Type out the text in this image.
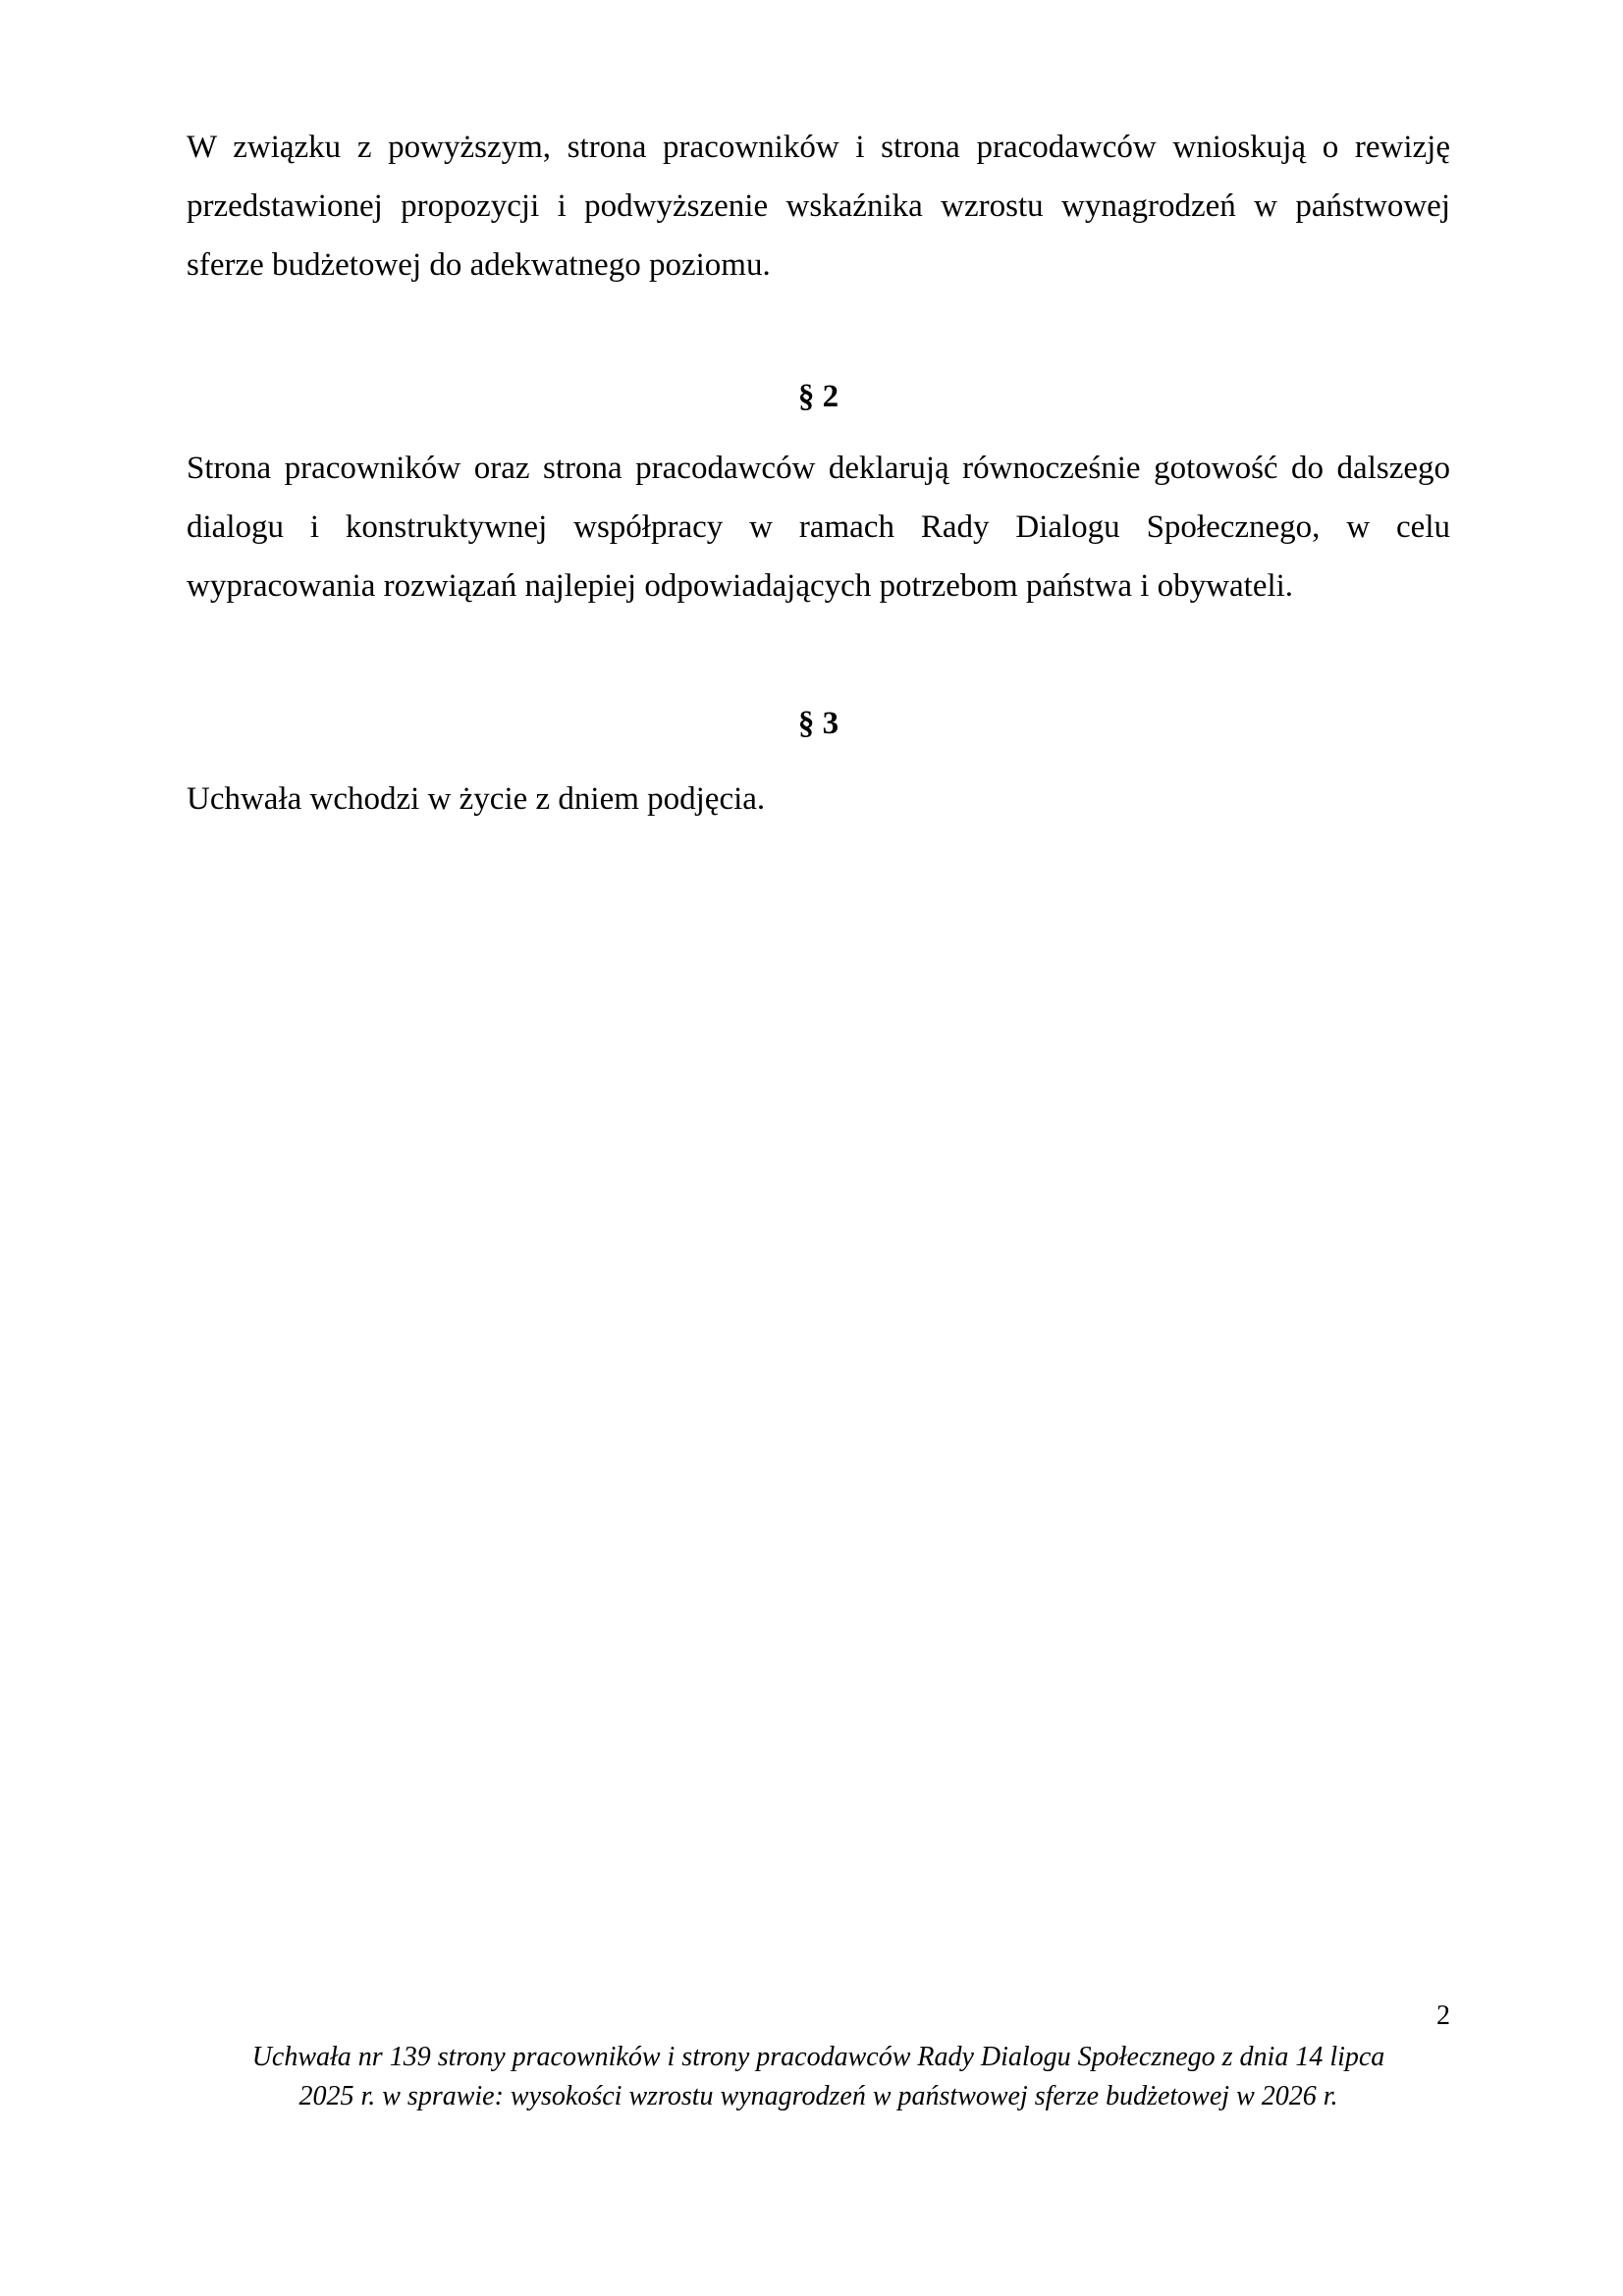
W związku z powyższym, strona pracowników i strona pracodawców wnioskują o rewizję
przedstawionej propozycji i podwyższenie wskaźnika wzrostu wynagrodzeń w państwowej
sferze budżetowej do adekwatnego poziomu.
§ 2
Strona pracowników oraz strona pracodawców deklarują równocześnie gotowość do dalszego
dialogu i konstruktywnej współpracy w ramach Rady Dialogu Społecznego, w celu
wypracowania rozwiązań najlepiej odpowiadających potrzebom państwa i obywateli.
§ 3
Uchwała wchodzi w życie z dniem podjęcia.
2
Uchwała nr 139 strony pracowników i strony pracodawców Rady Dialogu Społecznego z dnia 14 lipca
2025 r. w sprawie: wysokości wzrostu wynagrodzeń w państwowej sferze budżetowej w 2026 r.
